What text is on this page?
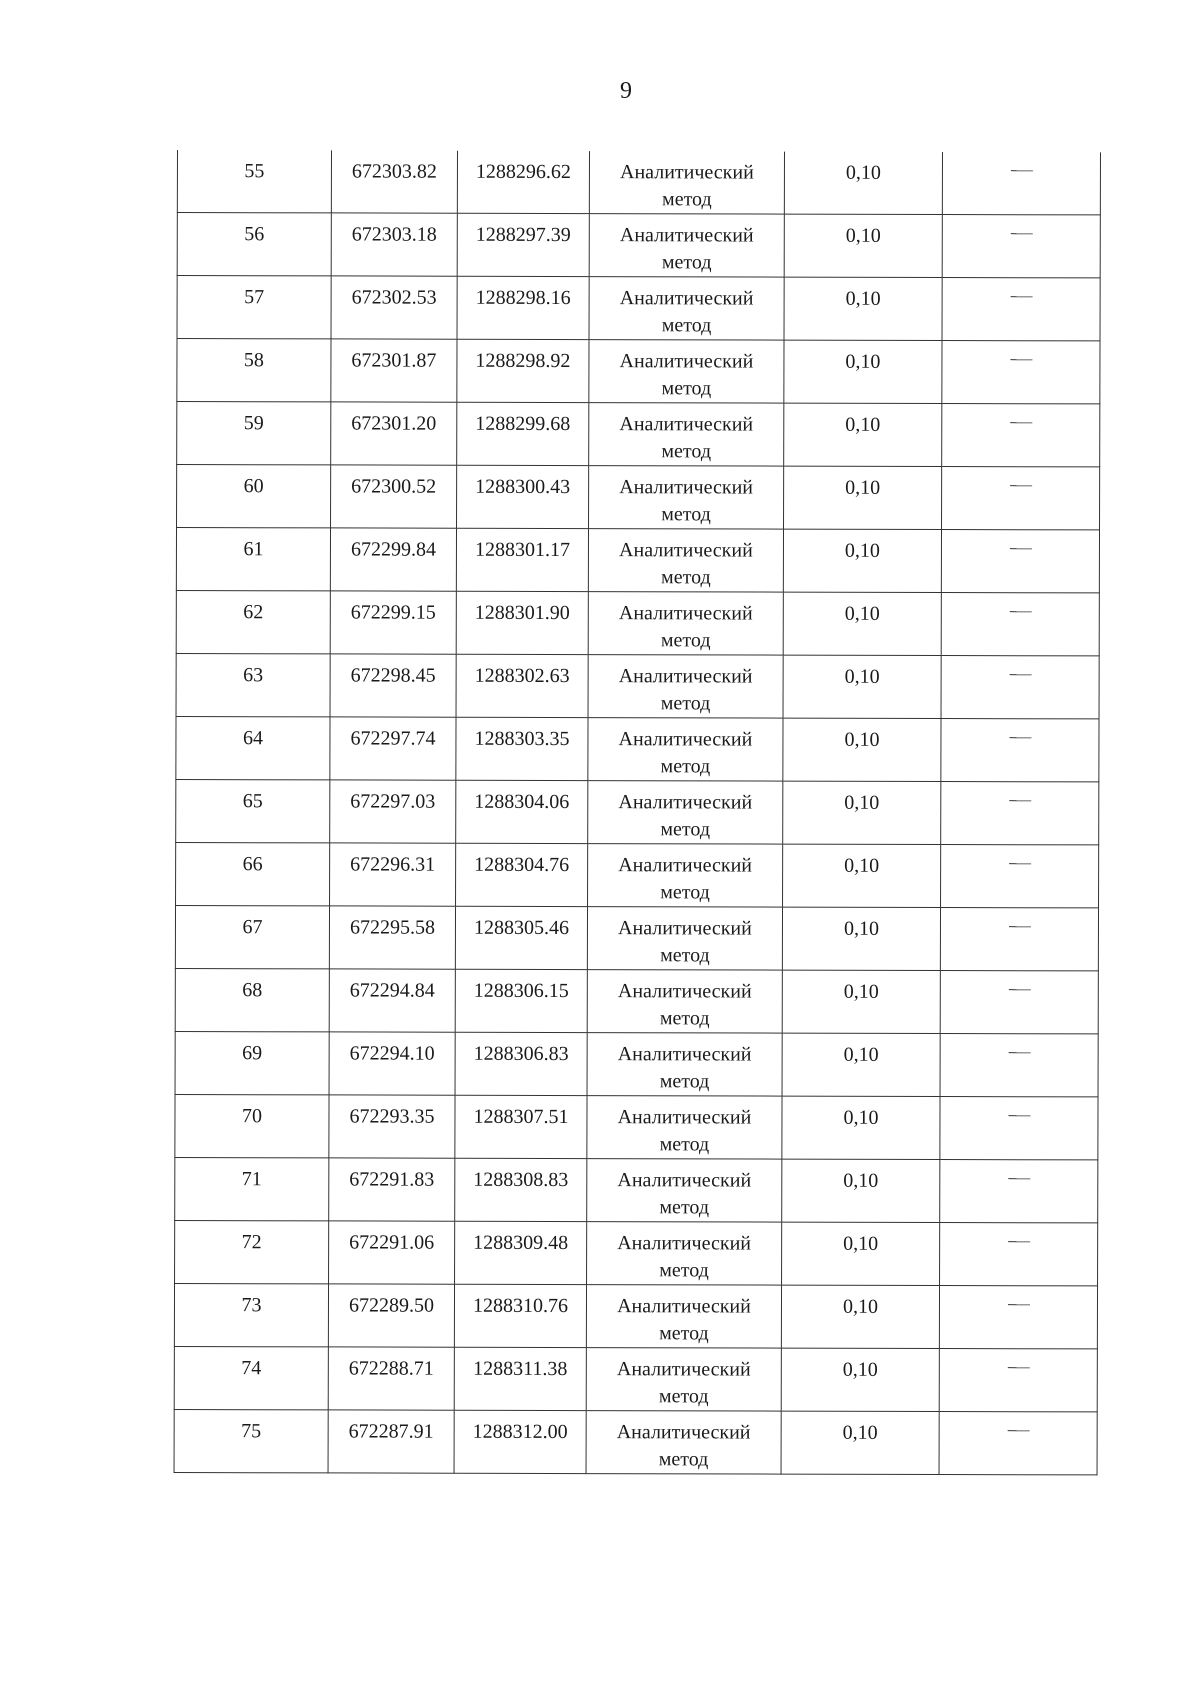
9
55	672303.82	1288296.62	Аналитический метод	0,10	
56	672303.18	1288297.39	Аналитический метод	0,10	
57	672302.53	1288298.16	Аналитический метод	0,10	
58	672301.87	1288298.92	Аналитический метод	0,10	
59	672301.20	1288299.68	Аналитический метод	0,10	
60	672300.52	1288300.43	Аналитический метод	0,10	
61	672299.84	1288301.17	Аналитический метод	0,10	
62	672299.15	1288301.90	Аналитический метод	0,10	
63	672298.45	1288302.63	Аналитический метод	0,10	
64	672297.74	1288303.35	Аналитический метод	0,10	
65	672297.03	1288304.06	Аналитический метод	0,10	
66	672296.31	1288304.76	Аналитический метод	0,10	
67	672295.58	1288305.46	Аналитический метод	0,10	
68	672294.84	1288306.15	Аналитический метод	0,10	
69	672294.10	1288306.83	Аналитический метод	0,10	
70	672293.35	1288307.51	Аналитический метод	0,10	
71	672291.83	1288308.83	Аналитический метод	0,10	
72	672291.06	1288309.48	Аналитический метод	0,10	
73	672289.50	1288310.76	Аналитический метод	0,10	
74	672288.71	1288311.38	Аналитический метод	0,10	
75	672287.91	1288312.00	Аналитический метод	0,10	
